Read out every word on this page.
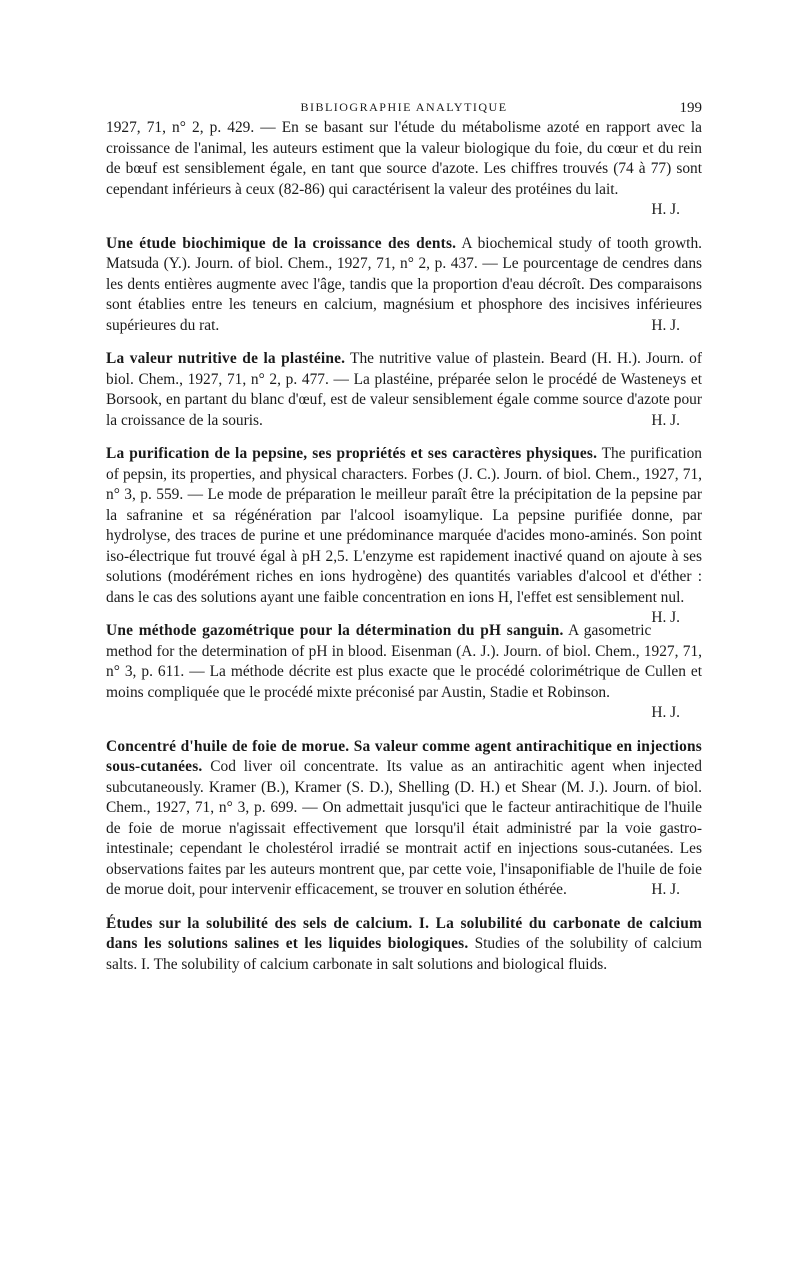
BIBLIOGRAPHIE ANALYTIQUE	199

1927, 71, n° 2, p. 429. — En se basant sur l'étude du métabolisme azoté en rapport avec la croissance de l'animal, les auteurs estiment que la valeur biologique du foie, du cœur et du rein de bœuf est sensiblement égale, en tant que source d'azote. Les chiffres trouvés (74 à 77) sont cependant inférieurs à ceux (82-86) qui caractérisent la valeur des protéines du lait.

H. J.

Une étude biochimique de la croissance des dents. A biochemical study of tooth growth. Matsuda (Y.). Journ. of biol. Chem., 1927, 71, n° 2, p. 437. — Le pourcentage de cendres dans les dents entières augmente avec l'âge, tandis que la proportion d'eau décroît. Des comparaisons sont établies entre les teneurs en calcium, magnésium et phosphore des incisives inférieures supérieures du rat.	H. J.

La valeur nutritive de la plastéine. The nutritive value of plastein. Beard (H. H.). Journ. of biol. Chem., 1927, 71, n° 2, p. 477. — La plastéine, préparée selon le procédé de Wasteneys et Borsook, en partant du blanc d'œuf, est de valeur sensiblement égale comme source d'azote pour la croissance de la souris.	H. J.

La purification de la pepsine, ses propriétés et ses caractères physiques. The purification of pepsin, its properties, and physical characters. Forbes (J. C.). Journ. of biol. Chem., 1927, 71, n° 3, p. 559. — Le mode de préparation le meilleur paraît être la précipitation de la pepsine par la safranine et sa régénération par l'alcool isoamylique. La pepsine purifiée donne, par hydrolyse, des traces de purine et une prédominance marquée d'acides mono-aminés. Son point iso-électrique fut trouvé égal à pH 2,5. L'enzyme est rapidement inactivé quand on ajoute à ses solutions (modérément riches en ions hydrogène) des quantités variables d'alcool et d'éther : dans le cas des solutions ayant une faible concentration en ions H, l'effet est sensiblement nul.
H. J.

Une méthode gazométrique pour la détermination du pH sanguin. A gasometric method for the determination of pH in blood. Eisenman (A. J.). Journ. of biol. Chem., 1927, 71, n° 3, p. 611. — La méthode décrite est plus exacte que le procédé colorimétrique de Cullen et moins compliquée que le procédé mixte préconisé par Austin, Stadie et Robinson.

H. J.

Concentré d'huile de foie de morue. Sa valeur comme agent antirachitique en injections sous-cutanées. Cod liver oil concentrate. Its value as an antirachitic agent when injected subcutaneously. Kramer (B.), Kramer (S. D.), Shelling (D. H.) et Shear (M. J.). Journ. of biol. Chem., 1927, 71, n° 3, p. 699. — On admettait jusqu'ici que le facteur antirachitique de l'huile de foie de morue n'agissait effectivement que lorsqu'il était administré par la voie gastro-intestinale; cependant le cholestérol irradié se montrait actif en injections sous-cutanées. Les observations faites par les auteurs montrent que, par cette voie, l'insaponifiable de l'huile de foie de morue doit, pour intervenir efficacement, se trouver en solution éthérée.	H. J.

Études sur la solubilité des sels de calcium. I. La solubilité du carbonate de calcium dans les solutions salines et les liquides biologiques. Studies of the solubility of calcium salts. I. The solubility of calcium carbonate in salt solutions and biological fluids.
